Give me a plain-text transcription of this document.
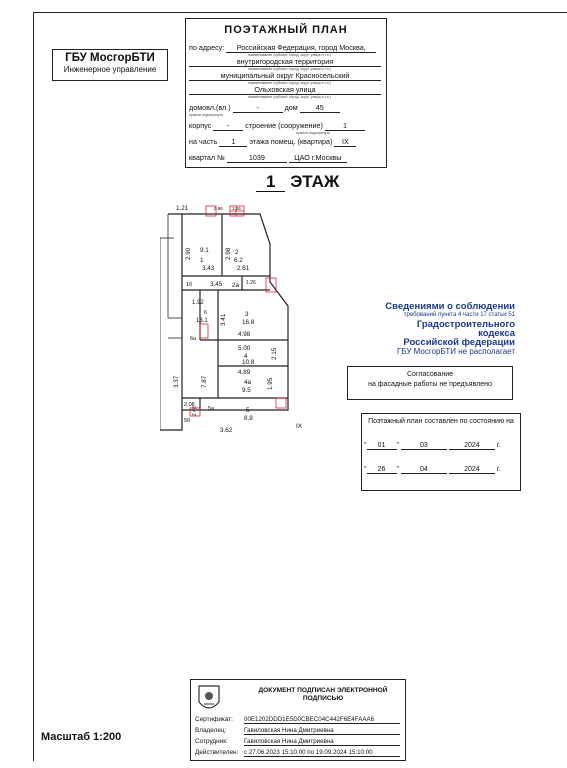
ГБУ МосгорБТИ
Инженерное управление
ПОЭТАЖНЫЙ ПЛАН
по адресу: Российская Федерация, город Москва,
наименование (субъект, город, округ, улица и т.п.)
внутригородская территория
наименование (субъект, город, округ, улица и т.п.)
муниципальный округ Красносельский
наименование (субъект, город, округ, улица и т.п.)
Ольховская улица
наименование (субъект, город, округ, улица и т.п.)
домовл.(вл.)	-	дом	45
нужное подчеркнуть
корпус - строение (сооружение)	1
нужное подчеркнуть
на часть 1 этажа помещ. (квартира) IX
квартал №	1039	ЦАО г.Москвы
1 ЭТАЖ
1.21	0.96 1.26
2.90	2.98
1
9.1
3.43
2
6.2
2.61
1б	3.45 2a 1.26
1.92
6
13.1 3.41	3
16.8
4.98
6a
5.00	2.15
4
10.8
3.37	7.87
4.89
4a
9.5
1.95
2.08
2.48
5б
5a	5
8.9
3.62
IX
Сведениями о соблюдении
требований пункта 4 части 17 статьи 51
Градостроительного кодекса
Российской федерации
ГБУ МосгорБТИ не располагает
Согласование
на фасадные работы не предъявлено
Поэтажный план составлен по состоянию на
" 01 "	03	2024 г.
" 26 "	04	2024 г.
ДОКУМЕНТ ПОДПИСАН ЭЛЕКТРОННОЙ ПОДПИСЬЮ
Сертификат: 00E1202DDD1E5D0CBEC04C442F6E4FAAA6
Владелец:	Гавиловская Нина Дмитриевна
Сотрудник:	Гавиловская Нина Дмитриевна
Действителен: с 27.06.2023 15:10:00 по 19.09.2024 15:10:00
Масштаб 1:200
